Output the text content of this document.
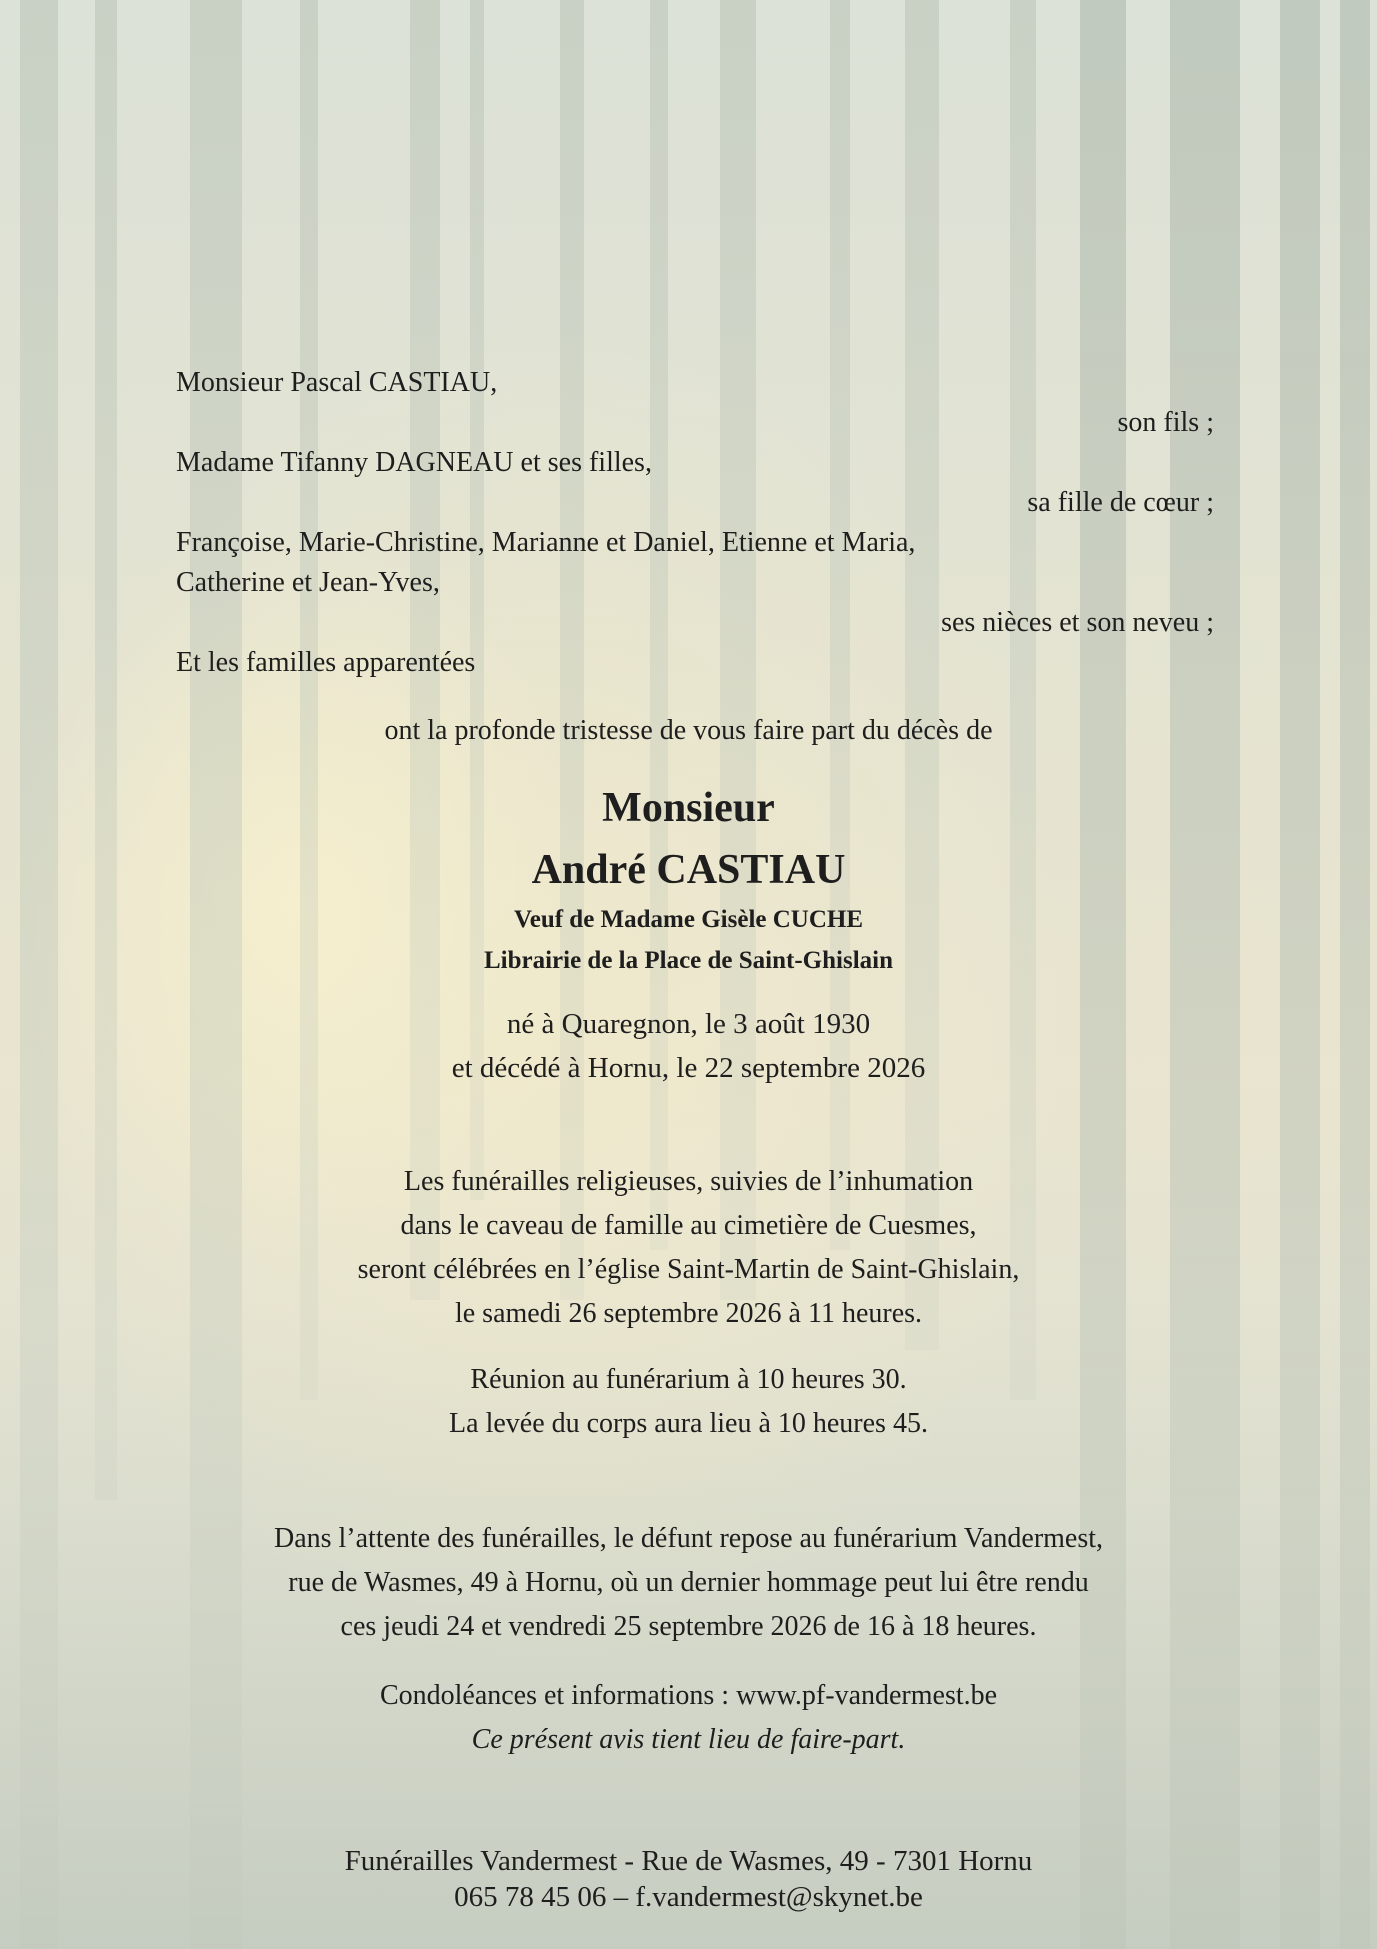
Monsieur Pascal CASTIAU,
son fils ;
Madame Tifanny DAGNEAU et ses filles,
sa fille de cœur ;
Françoise, Marie-Christine, Marianne et Daniel, Etienne et Maria,
Catherine et Jean-Yves,
ses nièces et son neveu ;
Et les familles apparentées
ont la profonde tristesse de vous faire part du décès de
Monsieur
André CASTIAU
Veuf de Madame Gisèle CUCHE
Librairie de la Place de Saint-Ghislain
né à Quaregnon, le 3 août 1930
et décédé à Hornu, le 22 septembre 2026
Les funérailles religieuses, suivies de l’inhumation
dans le caveau de famille au cimetière de Cuesmes,
seront célébrées en l’église Saint-Martin de Saint-Ghislain,
le samedi 26 septembre 2026 à 11 heures.
Réunion au funérarium à 10 heures 30.
La levée du corps aura lieu à 10 heures 45.
Dans l’attente des funérailles, le défunt repose au funérarium Vandermest,
rue de Wasmes, 49 à Hornu, où un dernier hommage peut lui être rendu
ces jeudi 24 et vendredi 25 septembre 2026 de 16 à 18 heures.
Condoléances et informations : www.pf-vandermest.be
Ce présent avis tient lieu de faire-part.
Funérailles Vandermest - Rue de Wasmes, 49 - 7301 Hornu
065 78 45 06 – f.vandermest@skynet.be
